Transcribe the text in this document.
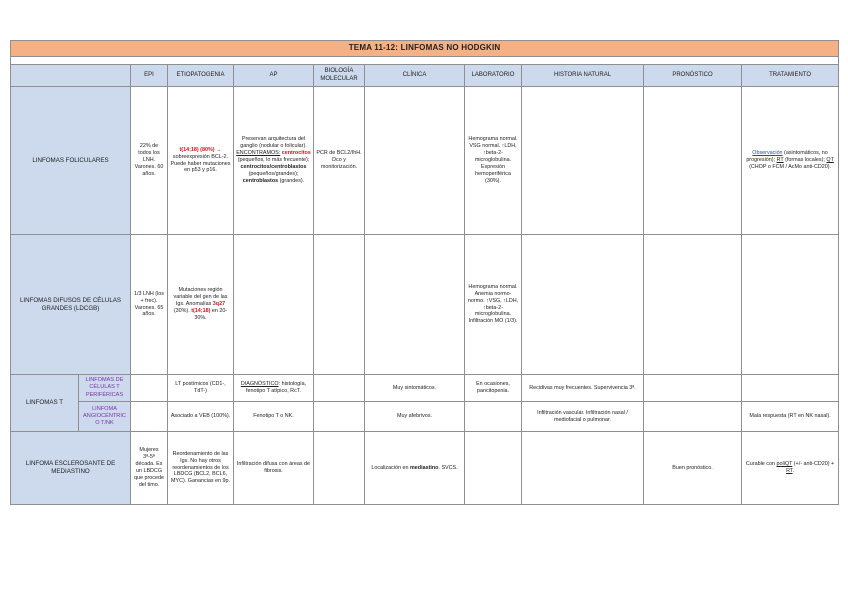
TEMA 11-12: LINFOMAS NO HODGKIN										

		EPI	ETIOPATOGENIA	AP	BIOLOGÍA MOLECULAR	CLÍNICA	LABORATORIO	HISTORIA NATURAL	PRONÓSTICO	TRATAMIENTO
LINFOMAS FOLICULARES		22% de todos los LNH. Varones. 60 años.	t(14;18) (80%) → sobreexpresión BCL-2. Puede haber mutaciones en p53 y p16.	Preservan arquitectura del ganglio (nodular o folicular). ENCONTRAMOS: centrocitos (pequeños, lo más frecuente); centrocitos/centroblastos (pequeños/grandes); centroblastos (grandes).	PCR de BCL2/IhH. Dco y monitorización.		Hemograma normal. VSG normal. ↑LDH, ↑beta-2-microglobulina. Expresión hemoperiférica (30%).			Observación (asintomáticos, no progresión); RT (formas locales); QT (CHOP o FCM / AcMo anti-CD20).
LINFOMAS DIFUSOS DE CÉLULAS GRANDES (LDCGB)		1/3 LNH (los + frec). Varones. 65 años.	Mutaciones región variable del gen de las Igs. Anomalías 3q27 (30%). t(14;18) en 20-30%.				Hemograma normal. Anemia normo-normo. ↑VSG, ↑LDH, ↑beta-2-microglobulina. Infiltración MO (1/3).			
LINFOMAS T	LINFOMAS DE CÉLULAS T PERIFÉRICAS		LT postímicos (CD1-, TdT-)	DIAGNÓSTICO: histología, fenotipo T atípico, RcT.		Muy sintomáticos.	En ocasiones, pancitopenia.	Recidivas muy frecuentes. Supervivencia 3ª.		
	LINFOMA ANGIOCÉNTRICO T/NK		Asociado a VEB (100%).	Fenotipo T o NK.		Muy afebrivos.		Infiltración vascular. Infiltración nasal / mediofacial o pulmonar.		Mala respuesta (RT en NK nasal).
LINFOMA ESCLEROSANTE DE MEDIASTINO		Mujeres 3ª-5ª década. Es un LBDCG que procede del timo.	Reordenamiento de las Igs. No hay otros reordenamientos de los LBDCG (BCL2, BCL6, MYC). Ganancias en 9p.	Infiltración difusa con áreas de fibrosis.		Localización en mediastino. SVCS.			Buen pronóstico.	Curable con poliQT (+/- anti-CD20) + RT.
